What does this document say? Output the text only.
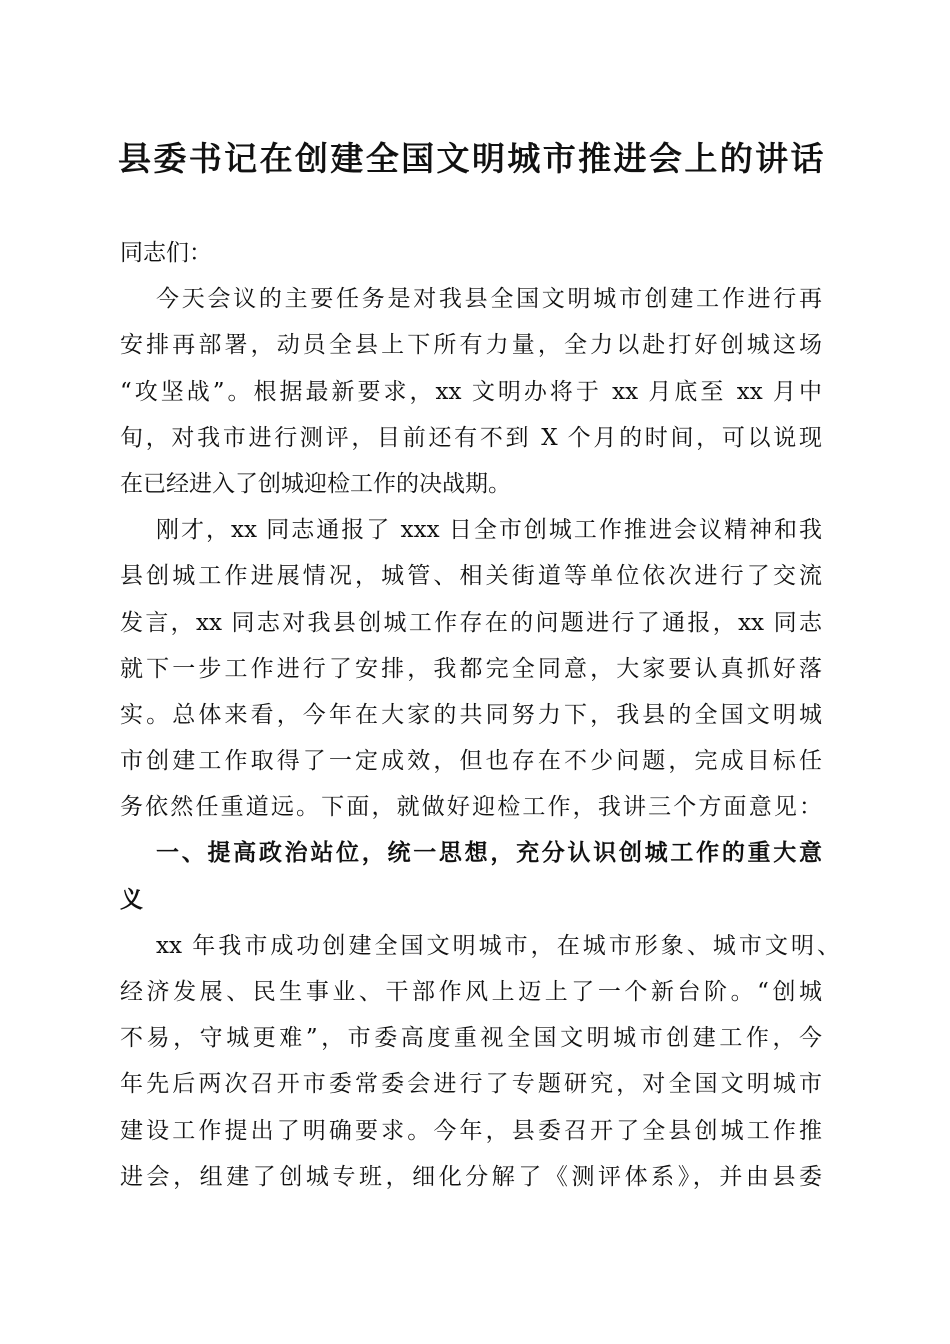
县委书记在创建全国文明城市推进会上的讲话
同志们：
今天会议的主要任务是对我县全国文明城市创建工作进行再
安排再部署，动员全县上下所有力量，全力以赴打好创城这场
“攻坚战”。根据最新要求，xx 文明办将于 xx 月底至 xx 月中
旬，对我市进行测评，目前还有不到 X 个月的时间，可以说现
在已经进入了创城迎检工作的决战期。
刚才，xx 同志通报了 xxx 日全市创城工作推进会议精神和我
县创城工作进展情况，城管、相关街道等单位依次进行了交流
发言，xx 同志对我县创城工作存在的问题进行了通报，xx 同志
就下一步工作进行了安排，我都完全同意，大家要认真抓好落
实。总体来看，今年在大家的共同努力下，我县的全国文明城
市创建工作取得了一定成效，但也存在不少问题，完成目标任
务依然任重道远。下面，就做好迎检工作，我讲三个方面意见：
一、提高政治站位，统一思想，充分认识创城工作的重大意
义
xx 年我市成功创建全国文明城市，在城市形象、城市文明、
经济发展、民生事业、干部作风上迈上了一个新台阶。“创城
不易，守城更难”，市委高度重视全国文明城市创建工作，今
年先后两次召开市委常委会进行了专题研究，对全国文明城市
建设工作提出了明确要求。今年，县委召开了全县创城工作推
进会，组建了创城专班，细化分解了《测评体系》，并由县委
